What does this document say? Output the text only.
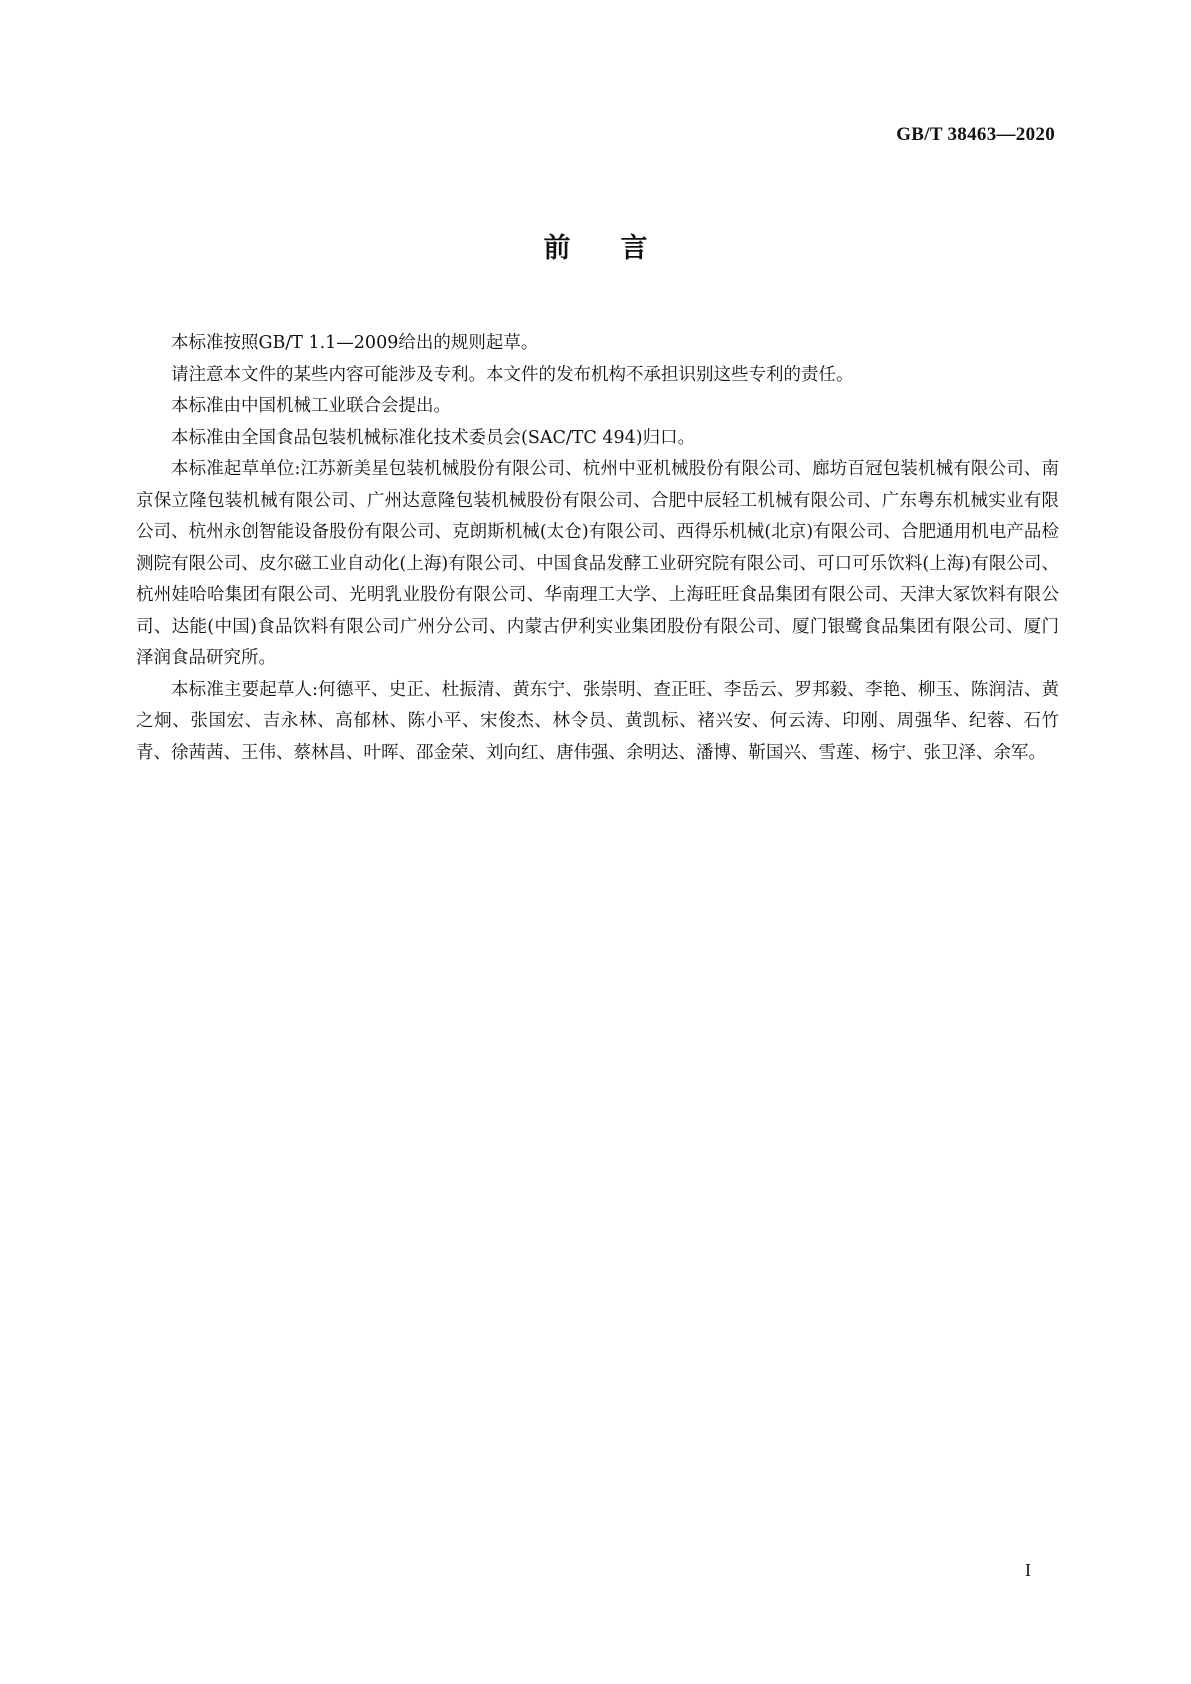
GB/T 38463—2020
前言

本标准按照GB/T 1.1—2009给出的规则起草。

请注意本文件的某些内容可能涉及专利。本文件的发布机构不承担识别这些专利的责任。

本标准由中国机械工业联合会提出。

本标准由全国食品包装机械标准化技术委员会(SAC/TC 494)归口。

本标准起草单位:江苏新美星包装机械股份有限公司、杭州中亚机械股份有限公司、廊坊百冠包装机械有限公司、南京保立隆包装机械有限公司、广州达意隆包装机械股份有限公司、合肥中辰轻工机械有限公司、广东粤东机械实业有限公司、杭州永创智能设备股份有限公司、克朗斯机械(太仓)有限公司、西得乐机械(北京)有限公司、合肥通用机电产品检测院有限公司、皮尔磁工业自动化(上海)有限公司、中国食品发酵工业研究院有限公司、可口可乐饮料(上海)有限公司、杭州娃哈哈集团有限公司、光明乳业股份有限公司、华南理工大学、上海旺旺食品集团有限公司、天津大冢饮料有限公司、达能(中国)食品饮料有限公司广州分公司、内蒙古伊利实业集团股份有限公司、厦门银鹭食品集团有限公司、厦门泽润食品研究所。

本标准主要起草人:何德平、史正、杜振清、黄东宁、张崇明、查正旺、李岳云、罗邦毅、李艳、柳玉、陈润洁、黄之炯、张国宏、吉永林、高郁林、陈小平、宋俊杰、林令员、黄凯标、褚兴安、何云涛、印刚、周强华、纪蓉、石竹青、徐茜茜、王伟、蔡林昌、叶晖、邵金荣、刘向红、唐伟强、余明达、潘博、靳国兴、雪莲、杨宁、张卫泽、余军。

I
